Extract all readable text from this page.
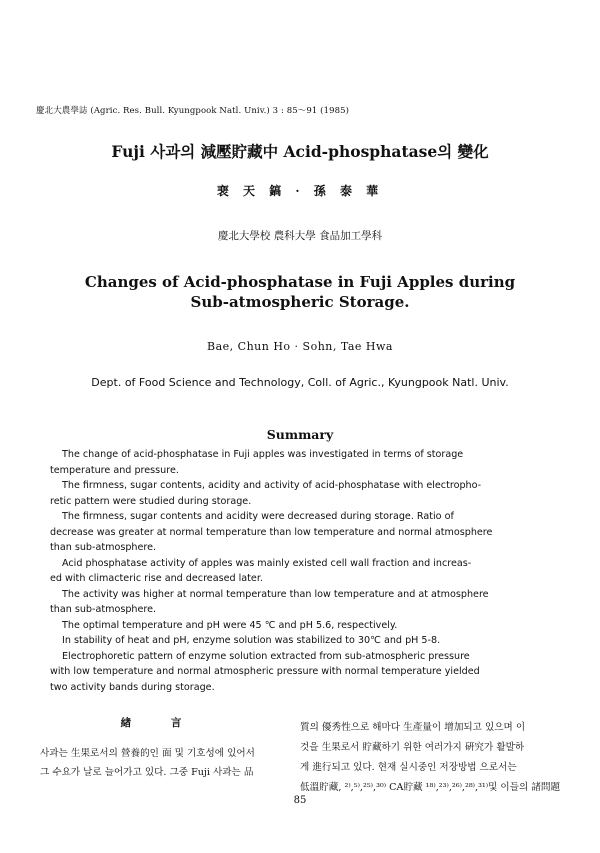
慶北大農學誌 (Agric. Res. Bull. Kyungpook Natl. Univ.) 3 : 85～91 (1985)
Fuji 사과의 減壓貯藏中 Acid-phosphatase의 變化
裵 天 鎬 · 孫 泰 華
慶北大學校 農科大學 食品加工學科
Changes of Acid-phosphatase in Fuji Apples during
Sub-atmospheric Storage.
Bae, Chun Ho · Sohn, Tae Hwa
Dept. of Food Science and Technology, Coll. of Agric., Kyungpook Natl. Univ.
Summary
The change of acid-phosphatase in Fuji apples was investigated in terms of storage
temperature and pressure.
The firmness, sugar contents, acidity and activity of acid-phosphatase with electropho-
retic pattern were studied during storage.
The firmness, sugar contents and acidity were decreased during storage. Ratio of
decrease was greater at normal temperature than low temperature and normal atmosphere
than sub-atmosphere.
Acid phosphatase activity of apples was mainly existed cell wall fraction and increas-
ed with climacteric rise and decreased later.
The activity was higher at normal temperature than low temperature and at atmosphere
than sub-atmosphere.
The optimal temperature and pH were 45 ℃ and pH 5.6, respectively.
In stability of heat and pH, enzyme solution was stabilized to 30℃ and pH 5-8.
Electrophoretic pattern of enzyme solution extracted from sub-atmospheric pressure
with low temperature and normal atmospheric pressure with normal temperature yielded
two activity bands during storage.
緖 言
사과는 生果로서의 營養的인 面 및 기호성에 있어서
그 수요가 날로 늘어가고 있다. 그중 Fuji 사과는 品
質의 優秀性으로 해마다 生產量이 增加되고 있으며 이
것을 生果로서 貯藏하기 위한 여러가지 硏究가 활발하
게 進行되고 있다. 현재 실시중인 저장방법 으로서는
低溫貯藏, ²⁾,⁵⁾,²⁵⁾,³⁰⁾ CA貯藏 ¹⁸⁾,²³⁾,²⁶⁾,²⁸⁾,³¹⁾및 이들의 諸問題
85
